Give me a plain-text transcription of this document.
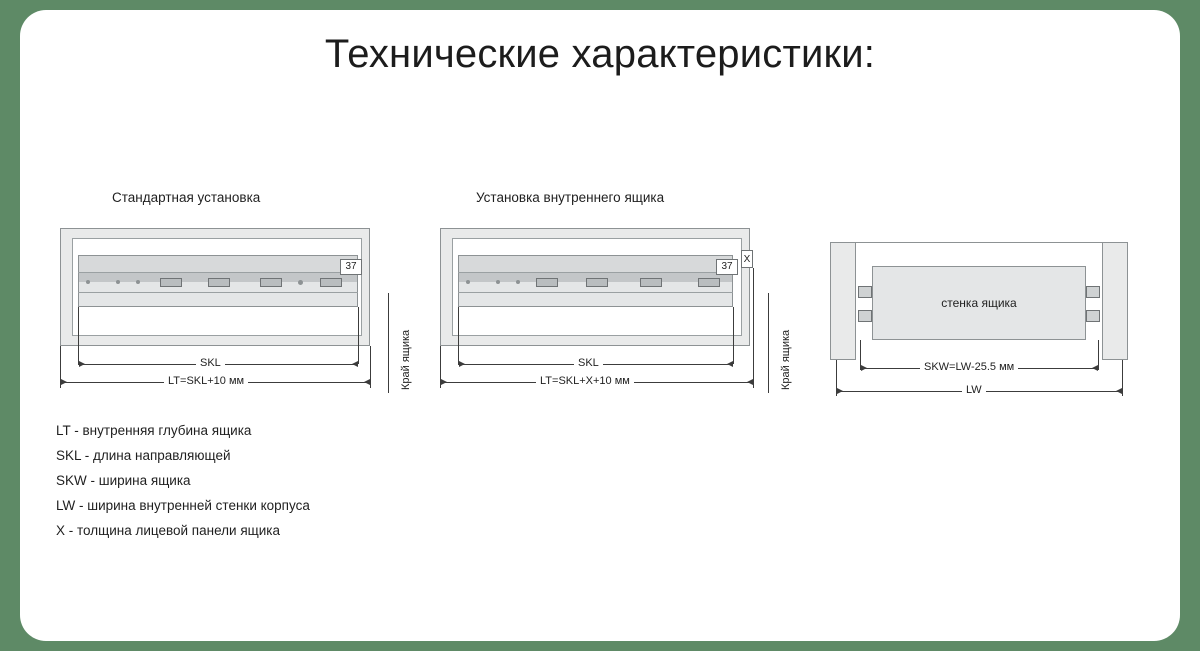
Технические характеристики:
Стандартная установка
37
SKL
LT=SKL+10 мм	Край ящика
Установка внутреннего ящика
37
X
SKL
LT=SKL+X+10 мм	Край ящика
стенка ящика
SKW=LW-25.5 мм
LW
LT - внутренняя глубина ящика
SKL - длина направляющей
SKW - ширина ящика
LW - ширина внутренней стенки корпуса
X - толщина лицевой панели ящика
